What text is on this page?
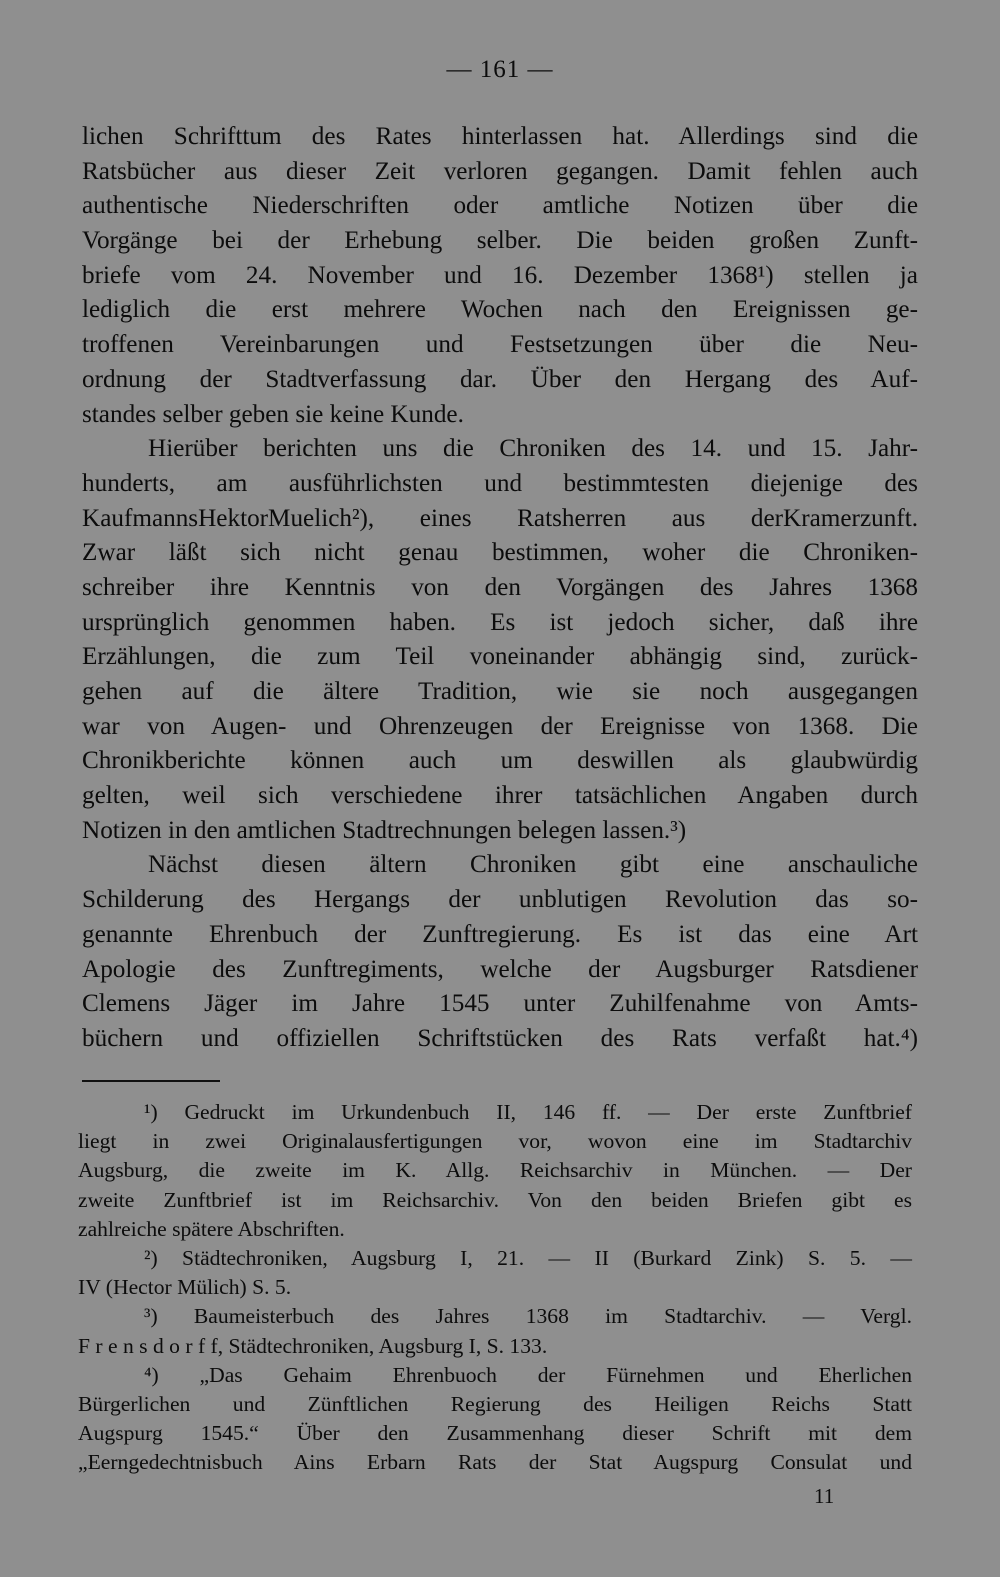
— 161 —
lichen Schrifttum des Rates hinterlassen hat. Allerdings sind die
Ratsbücher aus dieser Zeit verloren gegangen. Damit fehlen auch
authentische Niederschriften oder amtliche Notizen über die
Vorgänge bei der Erhebung selber. Die beiden großen Zunft-
briefe vom 24. November und 16. Dezember 1368¹) stellen ja
lediglich die erst mehrere Wochen nach den Ereignissen ge-
troffenen Vereinbarungen und Festsetzungen über die Neu-
ordnung der Stadtverfassung dar. Über den Hergang des Auf-
standes selber geben sie keine Kunde.
Hierüber berichten uns die Chroniken des 14. und 15. Jahr-
hunderts, am ausführlichsten und bestimmtesten diejenige des
KaufmannsHektorMuelich²), eines Ratsherren aus derKramerzunft.
Zwar läßt sich nicht genau bestimmen, woher die Chroniken-
schreiber ihre Kenntnis von den Vorgängen des Jahres 1368
ursprünglich genommen haben. Es ist jedoch sicher, daß ihre
Erzählungen, die zum Teil voneinander abhängig sind, zurück-
gehen auf die ältere Tradition, wie sie noch ausgegangen
war von Augen- und Ohrenzeugen der Ereignisse von 1368. Die
Chronikberichte können auch um deswillen als glaubwürdig
gelten, weil sich verschiedene ihrer tatsächlichen Angaben durch
Notizen in den amtlichen Stadtrechnungen belegen lassen.³)
Nächst diesen ältern Chroniken gibt eine anschauliche
Schilderung des Hergangs der unblutigen Revolution das so-
genannte Ehrenbuch der Zunftregierung. Es ist das eine Art
Apologie des Zunftregiments, welche der Augsburger Ratsdiener
Clemens Jäger im Jahre 1545 unter Zuhilfenahme von Amts-
büchern und offiziellen Schriftstücken des Rats verfaßt hat.⁴)
¹) Gedruckt im Urkundenbuch II, 146 ff. — Der erste Zunftbrief
liegt in zwei Originalausfertigungen vor, wovon eine im Stadtarchiv
Augsburg, die zweite im K. Allg. Reichsarchiv in München. — Der
zweite Zunftbrief ist im Reichsarchiv. Von den beiden Briefen gibt es
zahlreiche spätere Abschriften.
²) Städtechroniken, Augsburg I, 21. — II (Burkard Zink) S. 5. —
IV (Hector Mülich) S. 5.
³) Baumeisterbuch des Jahres 1368 im Stadtarchiv. — Vergl.
F r e n s d o r f f, Städtechroniken, Augsburg I, S. 133.
⁴) „Das Gehaim Ehrenbuoch der Fürnehmen und Eherlichen
Bürgerlichen und Zünftlichen Regierung des Heiligen Reichs Statt
Augspurg 1545.“ Über den Zusammenhang dieser Schrift mit dem
„Eerngedechtnisbuch Ains Erbarn Rats der Stat Augspurg Consulat und
11
